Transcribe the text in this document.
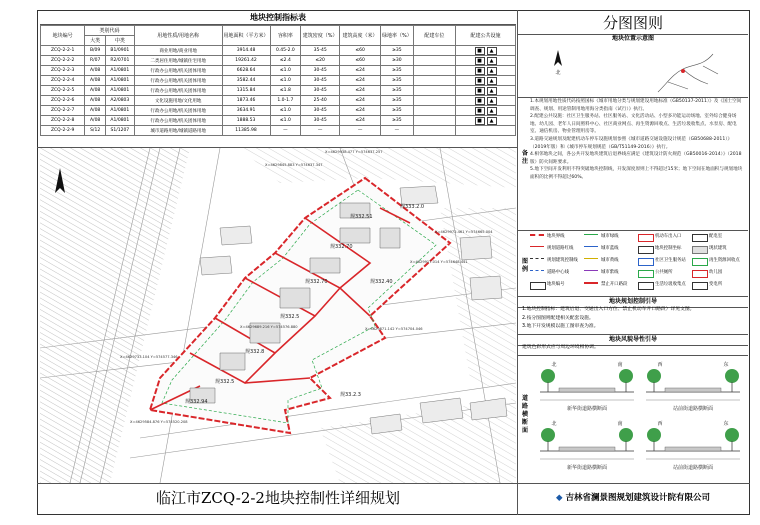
地块控制指标表
地块编号	类别代码		用地性质/用地名称	用地面积（平方米）	容积率	建筑密度（%）	建筑高度（米）	绿地率（%）	配建车位	配建公共设施
	大类	中类								
ZCQ-2-2-1	B/09	B1/0901	商业用地/商业用地	3914.48	0.45-2.0	35-45	≤60	≥35		■ ▲
ZCQ-2-2-2	R/07	R2/0701	二类居住用地/城镇住宅用地	19261.42	≤2.4	≤20	≤60	≥30		■ ▲
ZCQ-2-2-3	A/08	A1/0801	行政办公用地/机关团体用地	6628.64	≤1.0	30-45	≤24	≥35		■ ▲
ZCQ-2-2-4	A/08	A1/0801	行政办公用地/机关团体用地	3582.44	≤1.0	30-45	≤24	≥35		■ ▲
ZCQ-2-2-5	A/08	A1/0801	行政办公用地/机关团体用地	1315.84	≤1.8	30-45	≤24	≥35		■ ▲
ZCQ-2-2-6	A/08	A2/0803	文化设施用地/文化用地	1873.46	1.0-1.7	25-40	≤24	≥35		■ ▲
ZCQ-2-2-7	A/08	A1/0801	行政办公用地/机关团体用地	3634.91	≤1.0	30-45	≤24	≥35		■ ▲
ZCQ-2-2-8	A/08	A1/0801	行政办公用地/机关团体用地	1888.53	≤1.0	30-45	≤24	≥35		■ ▲
ZCQ-2-2-9	S/12	S1/1207	城市道路用地/城镇道路用地	11385.98	—	—	—	—		
规332.51
规332.70
规332.70
规332.5
规332.8
规332.5
规332.94
规332.40
规33.2.3
规333.2.0
X=4629938.477 Y=574637.257
X=4629845.883 Y=574637.347
X=4629972.461 Y=574665.004
X=4629917.014 Y=574648.441
X=4629871.142 Y=574704.046
X=4629733.104 Y=574577.346
X=4629689.216 Y=574576.880
X=4629584.876 Y=574520.208
临江市ZCQ-2-2地块控制性详细规划
分图图则
地块位置示意图
北
备注
1.本规划用地性质代码按照国标《城市用地分类与规划建设用地标准（GB50137-2011）》及《国土空间调查、规划、用途管制用地用海分类指南（试行）》执行。
2.配建公共设施：社区卫生服务站、社区服务站、文化活动站、小型多功能运动场地、室外综合健身场地、幼儿园、老年人日间照料中心、社区商业网点、再生资源回收点、生活垃圾收集点、水泵房、配电室、通信机房、物业管理用房等。
3.道路交通规划及配建机动车停车设施规划参照《城市道路交通设施设计规范（GB50688-2011）》（2019年版）和《城市停车规划规范（GB/T51149-2016）》执行。
4.相邻地块之间，各公共开发地块建筑后退界线应满足《建筑设计防火规范（GB50016-2014）》（2018版）防火间距要求。
5.地下空间开发利用不得突破地块控制线，开发深度原则上不得超过15米；地下空间在地面积与规划地块面积的比例不得超过60%。
图例
地块界线
规划道路红线
规划建筑控制线
道路中心线
地块编号
城市绿线
城市蓝线
城市黄线
城市紫线
禁止开口路段
机动车出入口
地块控制坐标
社区卫生服务站
公共厕所
生活垃圾收集点
配电室
现状建筑
再生资源回收点
幼儿园
变电所
地块规划控制引导
1.地块控制指标：建筑后退、交通出入口方位、禁止机动车开口路段）详见文图。
2.按分图图则配建相关配套设施。
3.地下开发规模以施工图审查为准。
地块风貌导性引导
建筑色彩形式应与周边环境相协调。
道路横断面
北	南
新华街道路横断面
西	东
站前街道路横断面
北	南
新华街道路横断面
西	东
站前街道路横断面
◆ 吉林省澜景图规划建筑设计院有限公司
